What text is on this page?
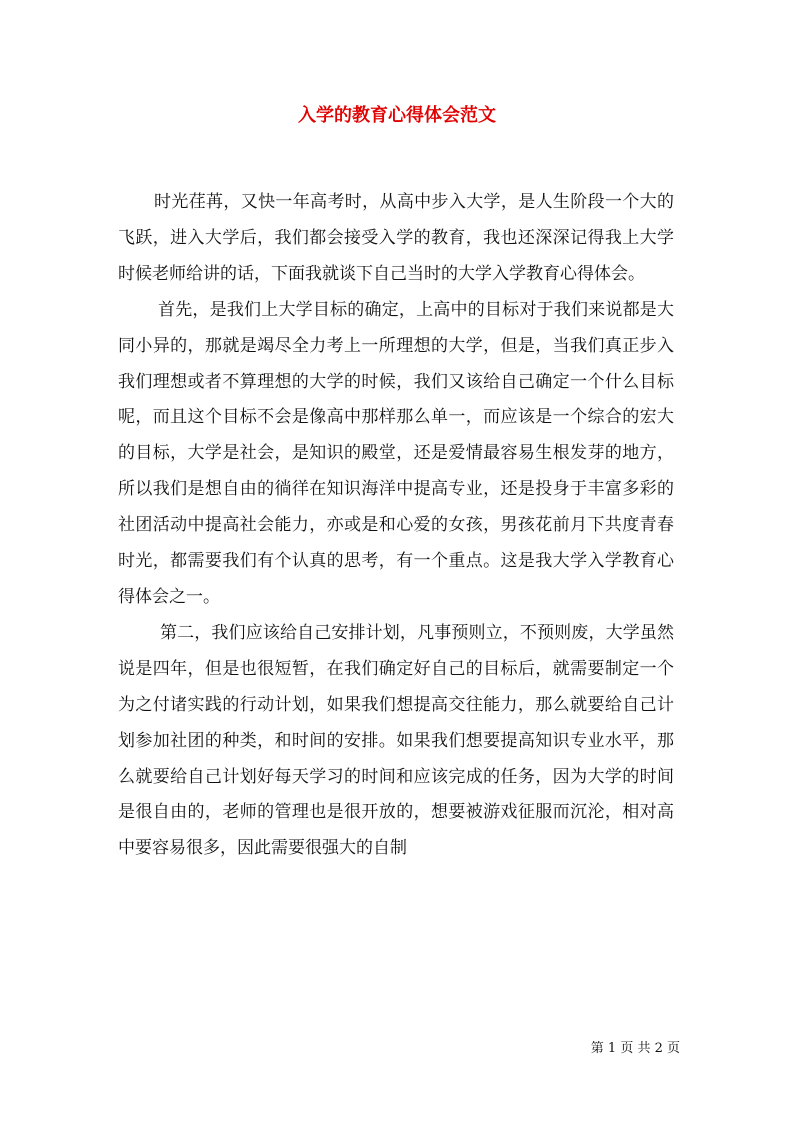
入学的教育心得体会范文

时光荏苒，又快一年高考时，从高中步入大学，是人生阶段一个大的飞跃，进入大学后，我们都会接受入学的教育，我也还深深记得我上大学时候老师给讲的话，下面我就谈下自己当时的大学入学教育心得体会。

首先，是我们上大学目标的确定，上高中的目标对于我们来说都是大同小异的，那就是竭尽全力考上一所理想的大学，但是，当我们真正步入我们理想或者不算理想的大学的时候，我们又该给自己确定一个什么目标呢，而且这个目标不会是像高中那样那么单一，而应该是一个综合的宏大的目标，大学是社会，是知识的殿堂，还是爱情最容易生根发芽的地方，所以我们是想自由的徜徉在知识海洋中提高专业，还是投身于丰富多彩的社团活动中提高社会能力，亦或是和心爱的女孩，男孩花前月下共度青春时光，都需要我们有个认真的思考，有一个重点。这是我大学入学教育心得体会之一。

第二，我们应该给自己安排计划，凡事预则立，不预则废，大学虽然说是四年，但是也很短暂，在我们确定好自己的目标后，就需要制定一个为之付诸实践的行动计划，如果我们想提高交往能力，那么就要给自己计划参加社团的种类，和时间的安排。如果我们想要提高知识专业水平，那么就要给自己计划好每天学习的时间和应该完成的任务，因为大学的时间是很自由的，老师的管理也是很开放的，想要被游戏征服而沉沦，相对高中要容易很多，因此需要很强大的自制

第 1 页 共 2 页
